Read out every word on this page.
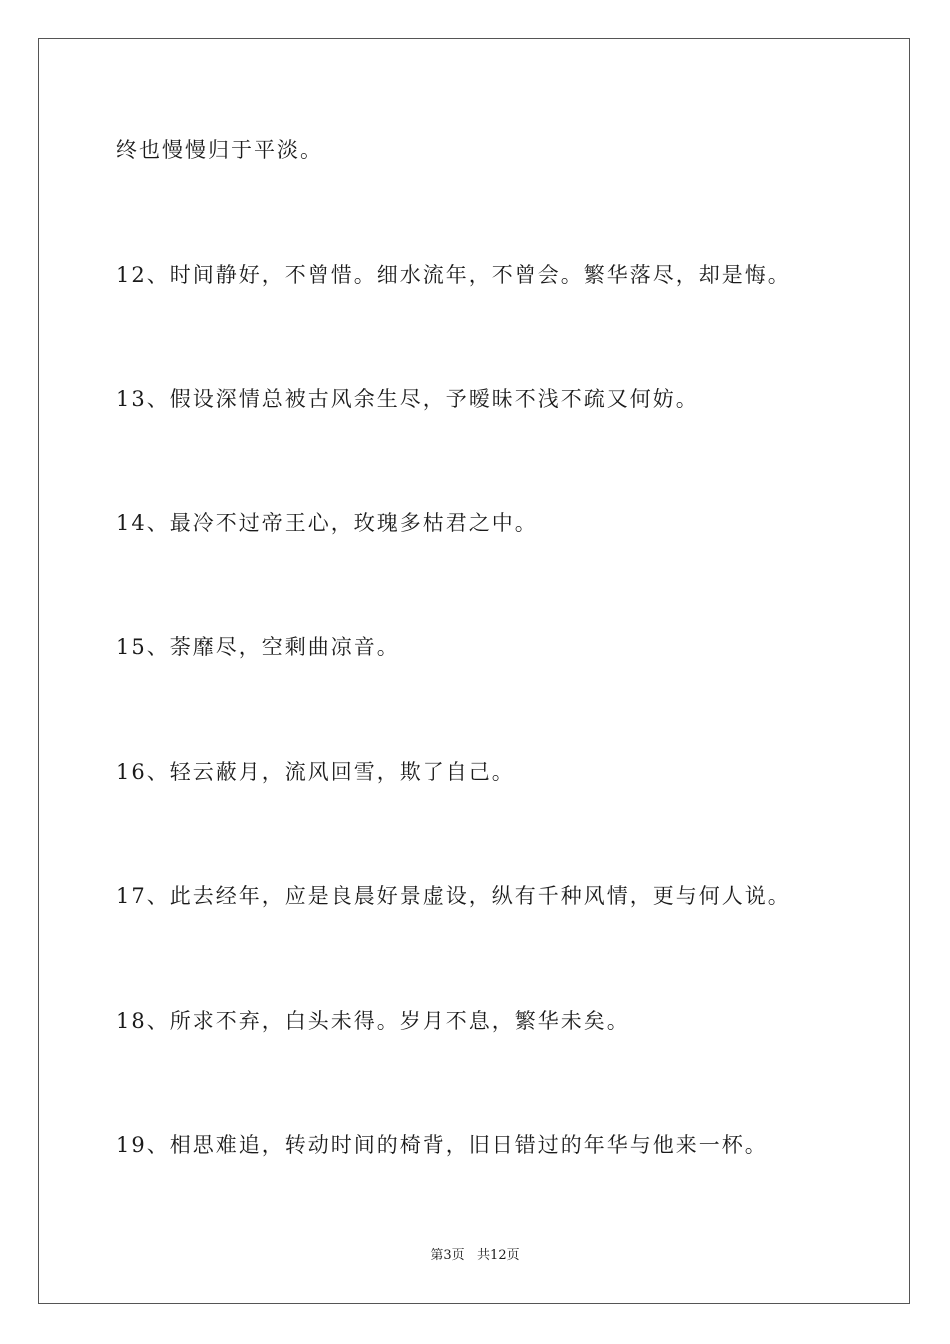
终也慢慢归于平淡。
12、时间静好，不曾惜。细水流年，不曾会。繁华落尽，却是悔。
13、假设深情总被古风余生尽，予暧昧不浅不疏又何妨。
14、最冷不过帝王心，玫瑰多枯君之中。
15、荼靡尽，空剩曲凉音。
16、轻云蔽月，流风回雪，欺了自己。
17、此去经年，应是良晨好景虚设，纵有千种风情，更与何人说。
18、所求不弃，白头未得。岁月不息，繁华未矣。
19、相思难追，转动时间的椅背，旧日错过的年华与他来一杯。
第3页   共12页
